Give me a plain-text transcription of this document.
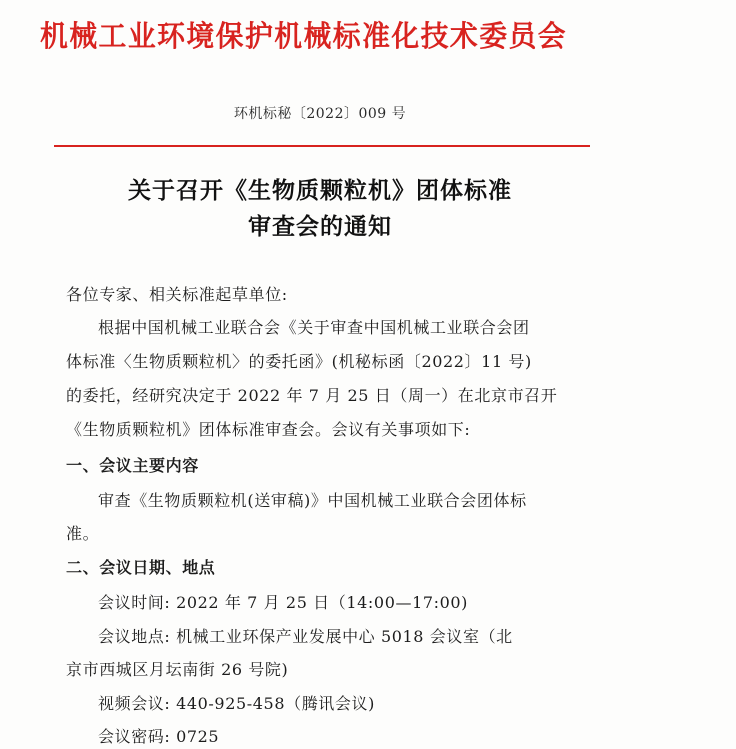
机械工业环境保护机械标准化技术委员会
环机标秘〔2022〕009 号
关于召开《生物质颗粒机》团体标准
审查会的通知
各位专家、相关标准起草单位:
根据中国机械工业联合会《关于审查中国机械工业联合会团
体标准〈生物质颗粒机〉的委托函》(机秘标函〔2022〕11 号)
的委托，经研究决定于 2022 年 7 月 25 日（周一）在北京市召开
《生物质颗粒机》团体标准审查会。会议有关事项如下:
一、会议主要内容
审查《生物质颗粒机(送审稿)》中国机械工业联合会团体标
准。
二、会议日期、地点
会议时间: 2022 年 7 月 25 日（14:00—17:00)
会议地点: 机械工业环保产业发展中心 5018 会议室（北
京市西城区月坛南街 26 号院)
视频会议: 440-925-458（腾讯会议)
会议密码: 0725
